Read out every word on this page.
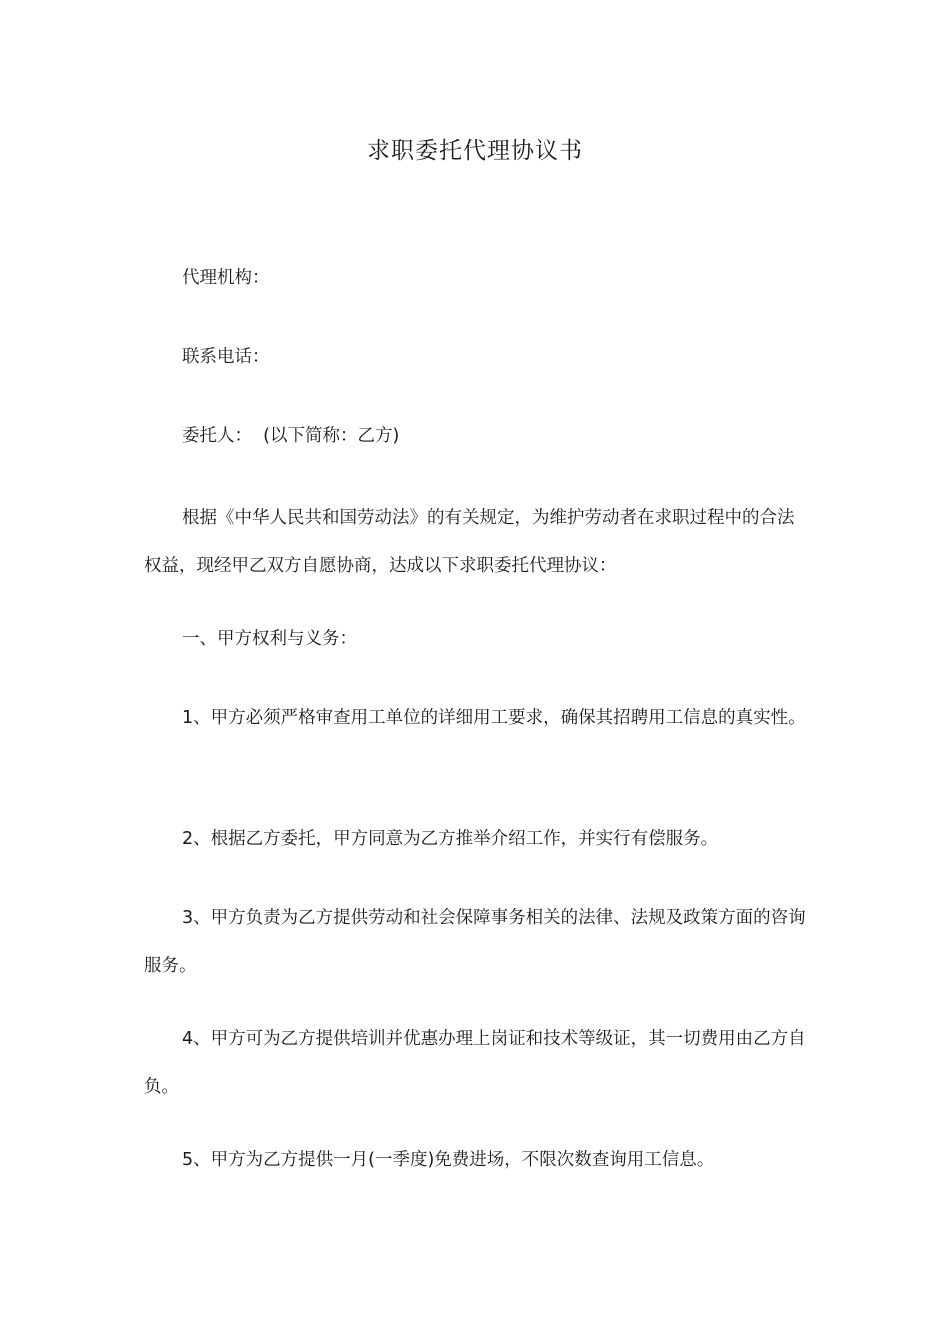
求职委托代理协议书
代理机构：
联系电话：
委托人：  (以下简称：乙方)
根据《中华人民共和国劳动法》的有关规定，为维护劳动者在求职过程中的合法权益，现经甲乙双方自愿协商，达成以下求职委托代理协议：
一、甲方权利与义务：
1、甲方必须严格审查用工单位的详细用工要求，确保其招聘用工信息的真实性。
2、根据乙方委托，甲方同意为乙方推举介绍工作，并实行有偿服务。
3、甲方负责为乙方提供劳动和社会保障事务相关的法律、法规及政策方面的咨询服务。
4、甲方可为乙方提供培训并优惠办理上岗证和技术等级证，其一切费用由乙方自负。
5、甲方为乙方提供一月(一季度)免费进场，不限次数查询用工信息。
